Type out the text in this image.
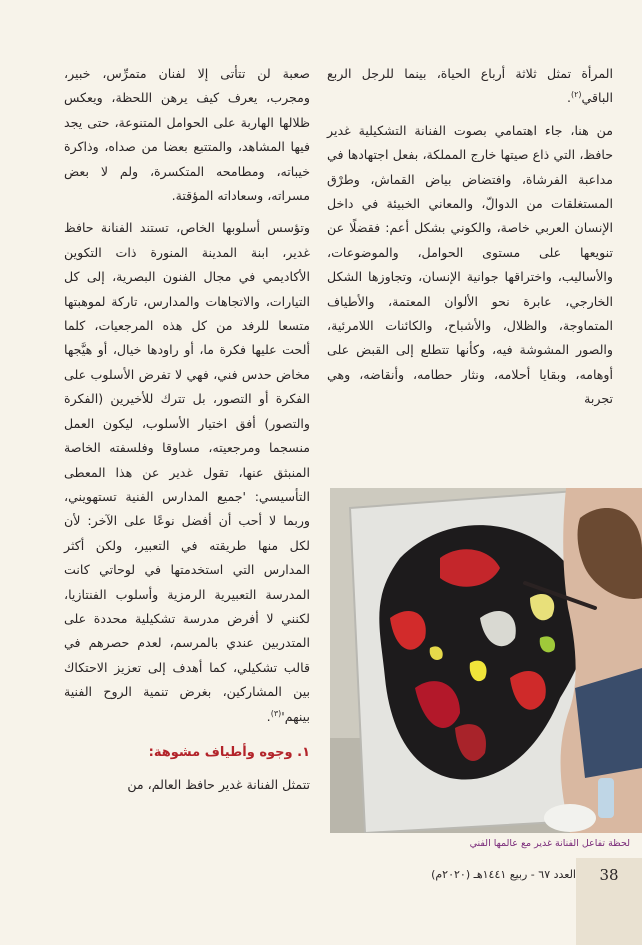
المرأة تمثل ثلاثة أرباع الحياة، بينما للرجل الربع الباقي$^{(٢)}$.

من هنا، جاء اهتمامي بصوت الفنانة التشكيلية غدير حافظ، التي ذاع صيتها خارج المملكة، بفعل اجتهادها في مداعبة الفرشاة، وافتضاض بياض القماش، وطرْق المستغلقات من الدوالّ، والمعاني الخبيئة في داخل الإنسان العربي خاصة، والكوني بشكل أعم: فقضلًا عن تنويعها على مستوى الحوامل، والموضوعات، والأساليب، واختراقها جوانية الإنسان، وتجاوزها الشكل الخارجي، عابرة نحو الألوان المعتمة، والأطياف المتماوجة، والظلال، والأشباح، والكائنات اللامرئية، والصور المشوشة فيه، وكأنها تتطلع إلى القبض على أوهامه، وبقايا أحلامه، ونثار حطامه، وأنقاضه، وهي تجربة

صعبة لن تتأتى إلا لفنان متمرِّس، خبير، ومجرب، يعرف كيف يرهن اللحظة، ويعكس ظلالها الهاربة على الحوامل المتنوعة، حتى يجد فيها المشاهد، والمتتبع بعضا من صداه، وذاكرة خيباته، ومطامحه المتكسرة، ولم لا بعض مسراته، وسعاداته المؤقتة.

وتؤسس أسلوبها الخاص، تستند الفنانة حافظ غدير، ابنة المدينة المنورة ذات التكوين الأكاديمي في مجال الفنون البصرية، إلى كل التيارات، والاتجاهات والمدارس، تاركة لموهبتها متسعا للرفد من كل هذه المرجعيات، كلما ألحت عليها فكرة ما، أو راودها خيال، أو هيَّجها مخاض حدس فني، فهي لا تفرض الأسلوب على الفكرة أو التصور، بل تترك للأخيرين (الفكرة والتصور) أفق اختيار الأسلوب، ليكون العمل منسجما ومرجعيته، مساوقا وفلسفته الخاصة المنبثق عنها، تقول غدير عن هذا المعطى التأسيسي: 'جميع المدارس الفنية تستهويني، وربما لا أحب أن أفضل نوعًا على الآخر: لأن لكل منها طريقته في التعبير، ولكن أكثر المدارس التي استخدمتها في لوحاتي كانت المدرسة التعبيرية الرمزية وأسلوب الفنتازيا، لكنني لا أفرض مدرسة تشكيلية محددة على المتدربين عندي بالمرسم، لعدم حصرهم في قالب تشكيلي، كما أهدف إلى تعزيز الاحتكاك بين المشاركين، بغرض تنمية الروح الفنية $بينهم'^{(٣)}$.

١. وجوه وأطياف مشوهة:

تتمثل الفنانة غدير حافظ العالم، من

لحظة تفاعل الفنانة غدير مع عالمها الفني
العدد ٦٧ - ربيع ١٤٤١هـ (٢٠٢٠م)	38
